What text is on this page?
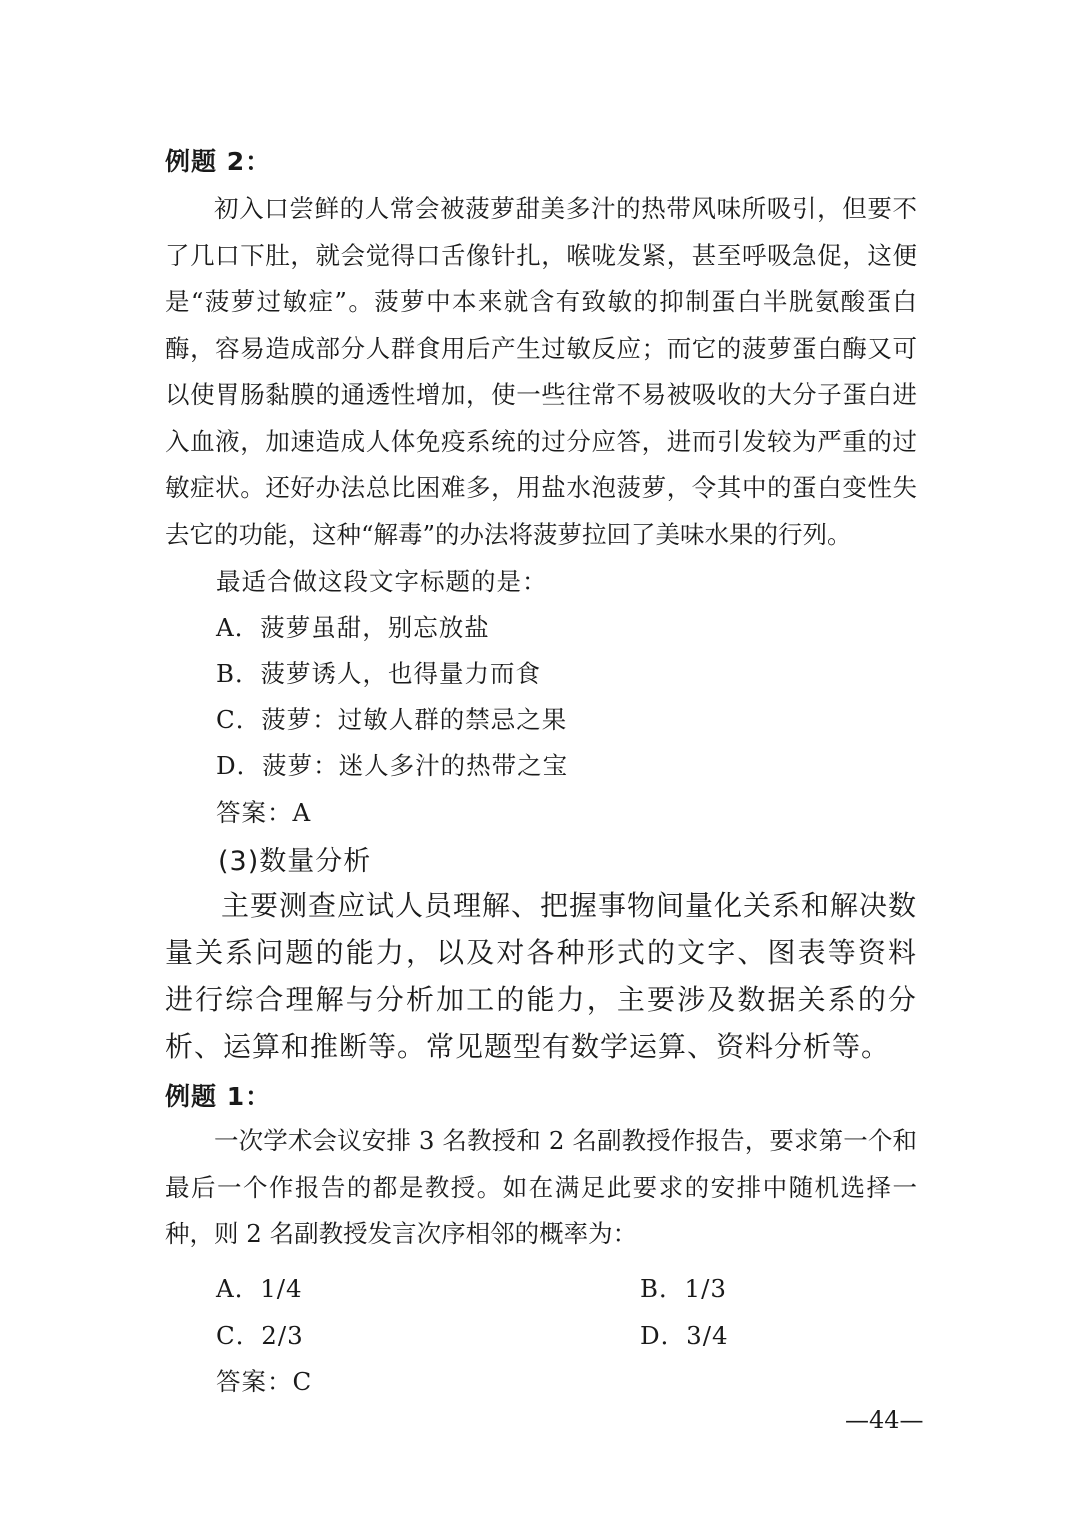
例题 2：

初入口尝鲜的人常会被菠萝甜美多汁的热带风味所吸引，但要不了几口下肚，就会觉得口舌像针扎，喉咙发紧，甚至呼吸急促，这便是“菠萝过敏症”。菠萝中本来就含有致敏的抑制蛋白半胱氨酸蛋白酶，容易造成部分人群食用后产生过敏反应；而它的菠萝蛋白酶又可以使胃肠黏膜的通透性增加，使一些往常不易被吸收的大分子蛋白进入血液，加速造成人体免疫系统的过分应答，进而引发较为严重的过敏症状。还好办法总比困难多，用盐水泡菠萝，令其中的蛋白变性失去它的功能，这种“解毒”的办法将菠萝拉回了美味水果的行列。

最适合做这段文字标题的是：
A．菠萝虽甜，别忘放盐
B．菠萝诱人，也得量力而食
C．菠萝：过敏人群的禁忌之果
D．菠萝：迷人多汁的热带之宝
答案：A
(3)数量分析

主要测查应试人员理解、把握事物间量化关系和解决数量关系问题的能力，以及对各种形式的文字、图表等资料进行综合理解与分析加工的能力，主要涉及数据关系的分析、运算和推断等。常见题型有数学运算、资料分析等。

例题 1：

一次学术会议安排 3 名教授和 2 名副教授作报告，要求第一个和最后一个作报告的都是教授。如在满足此要求的安排中随机选择一种，则 2 名副教授发言次序相邻的概率为：

A．1/4	B．1/3
C．2/3	D．3/4
答案：C
—44—
